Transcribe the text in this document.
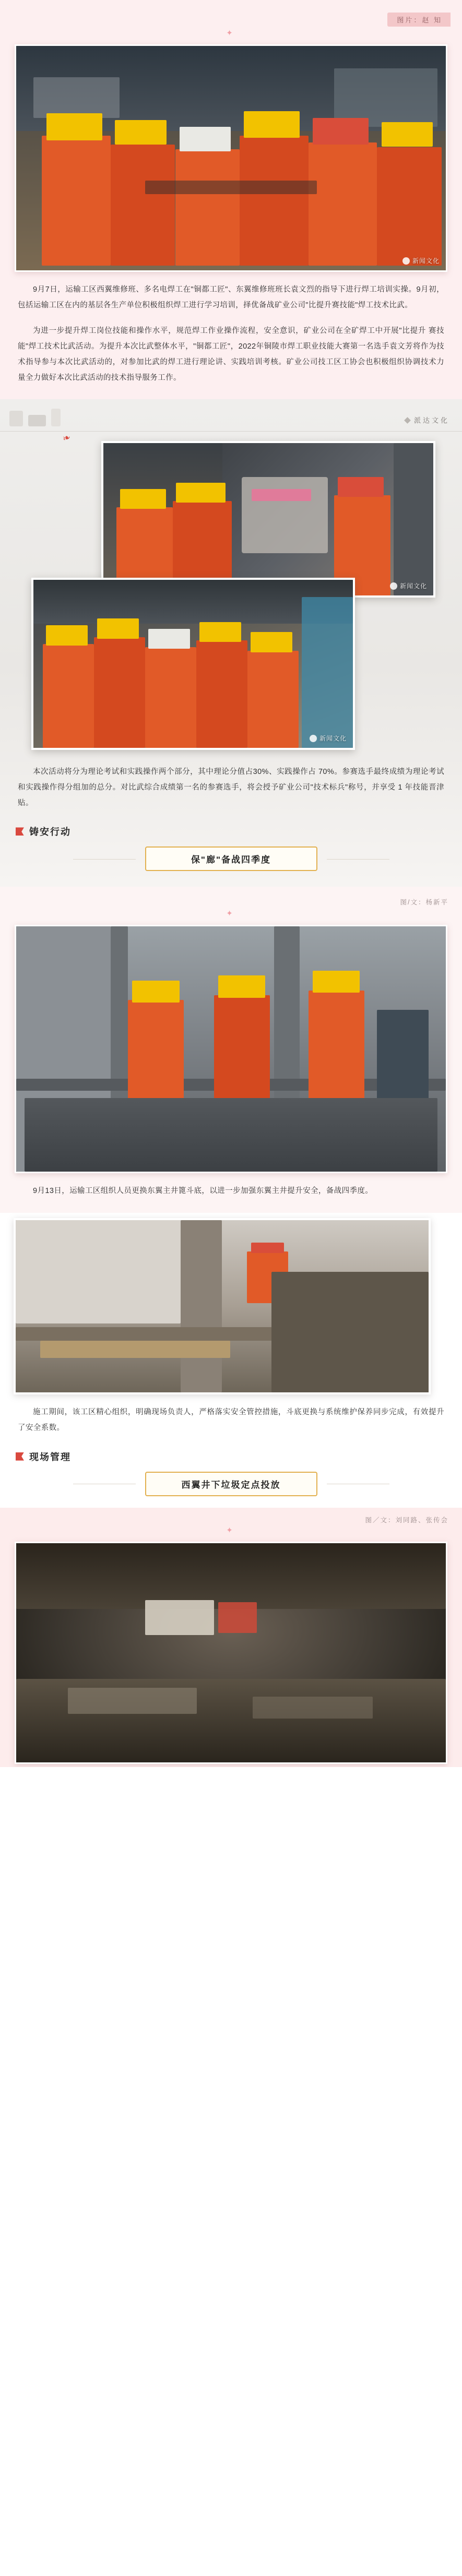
图片：赵 知
✦
新闻文化

9月7日，运输工区西翼维修班、多名电焊工在"铜都工匠"、东翼维修班班长袁文烈的指导下进行焊工培训实操。9月初，包括运输工区在内的基层各生产单位积极组织焊工进行学习培训，择优备战矿业公司"比提升赛技能"焊工技术比武。

为进一步提升焊工岗位技能和操作水平，规范焊工作业操作流程，安全意识，矿业公司在全矿焊工中开展"比提升 赛技能"焊工技术比武活动。为提升本次比武整体水平，"铜都工匠"，2022年铜陵市焊工职业技能大赛第一名选手袁文芳将作为技术指导参与本次比武活动的，对参加比武的焊工进行理论讲、实践培训考核。矿业公司技工区工协会也积极组织协调技术力量全力做好本次比武活动的技术指导服务工作。

派达文化
❧
新闻文化
新闻文化

本次活动将分为理论考试和实践操作两个部分，其中理论分值占30%、实践操作占 70%。参赛选手最终成绩为理论考试和实践操作得分组加的总分。对比武综合成绩第一名的参赛选手，将会授予矿业公司"技术标兵"称号，并享受 1 年技能晋津贴。

铸安行动
保"廊"备战四季度
图/文：杨新平
✦

9月13日，运输工区组织人员更换东翼主井篦斗底，以进一步加强东翼主井提升安全，备战四季度。

施工期间，该工区精心组织，明确现场负责人，严格落实安全管控措施，斗底更换与系统维护保养同步完成，有效提升了安全系数。

现场管理
西翼井下垃圾定点投放
图／文：刘同路、张传会
✦
